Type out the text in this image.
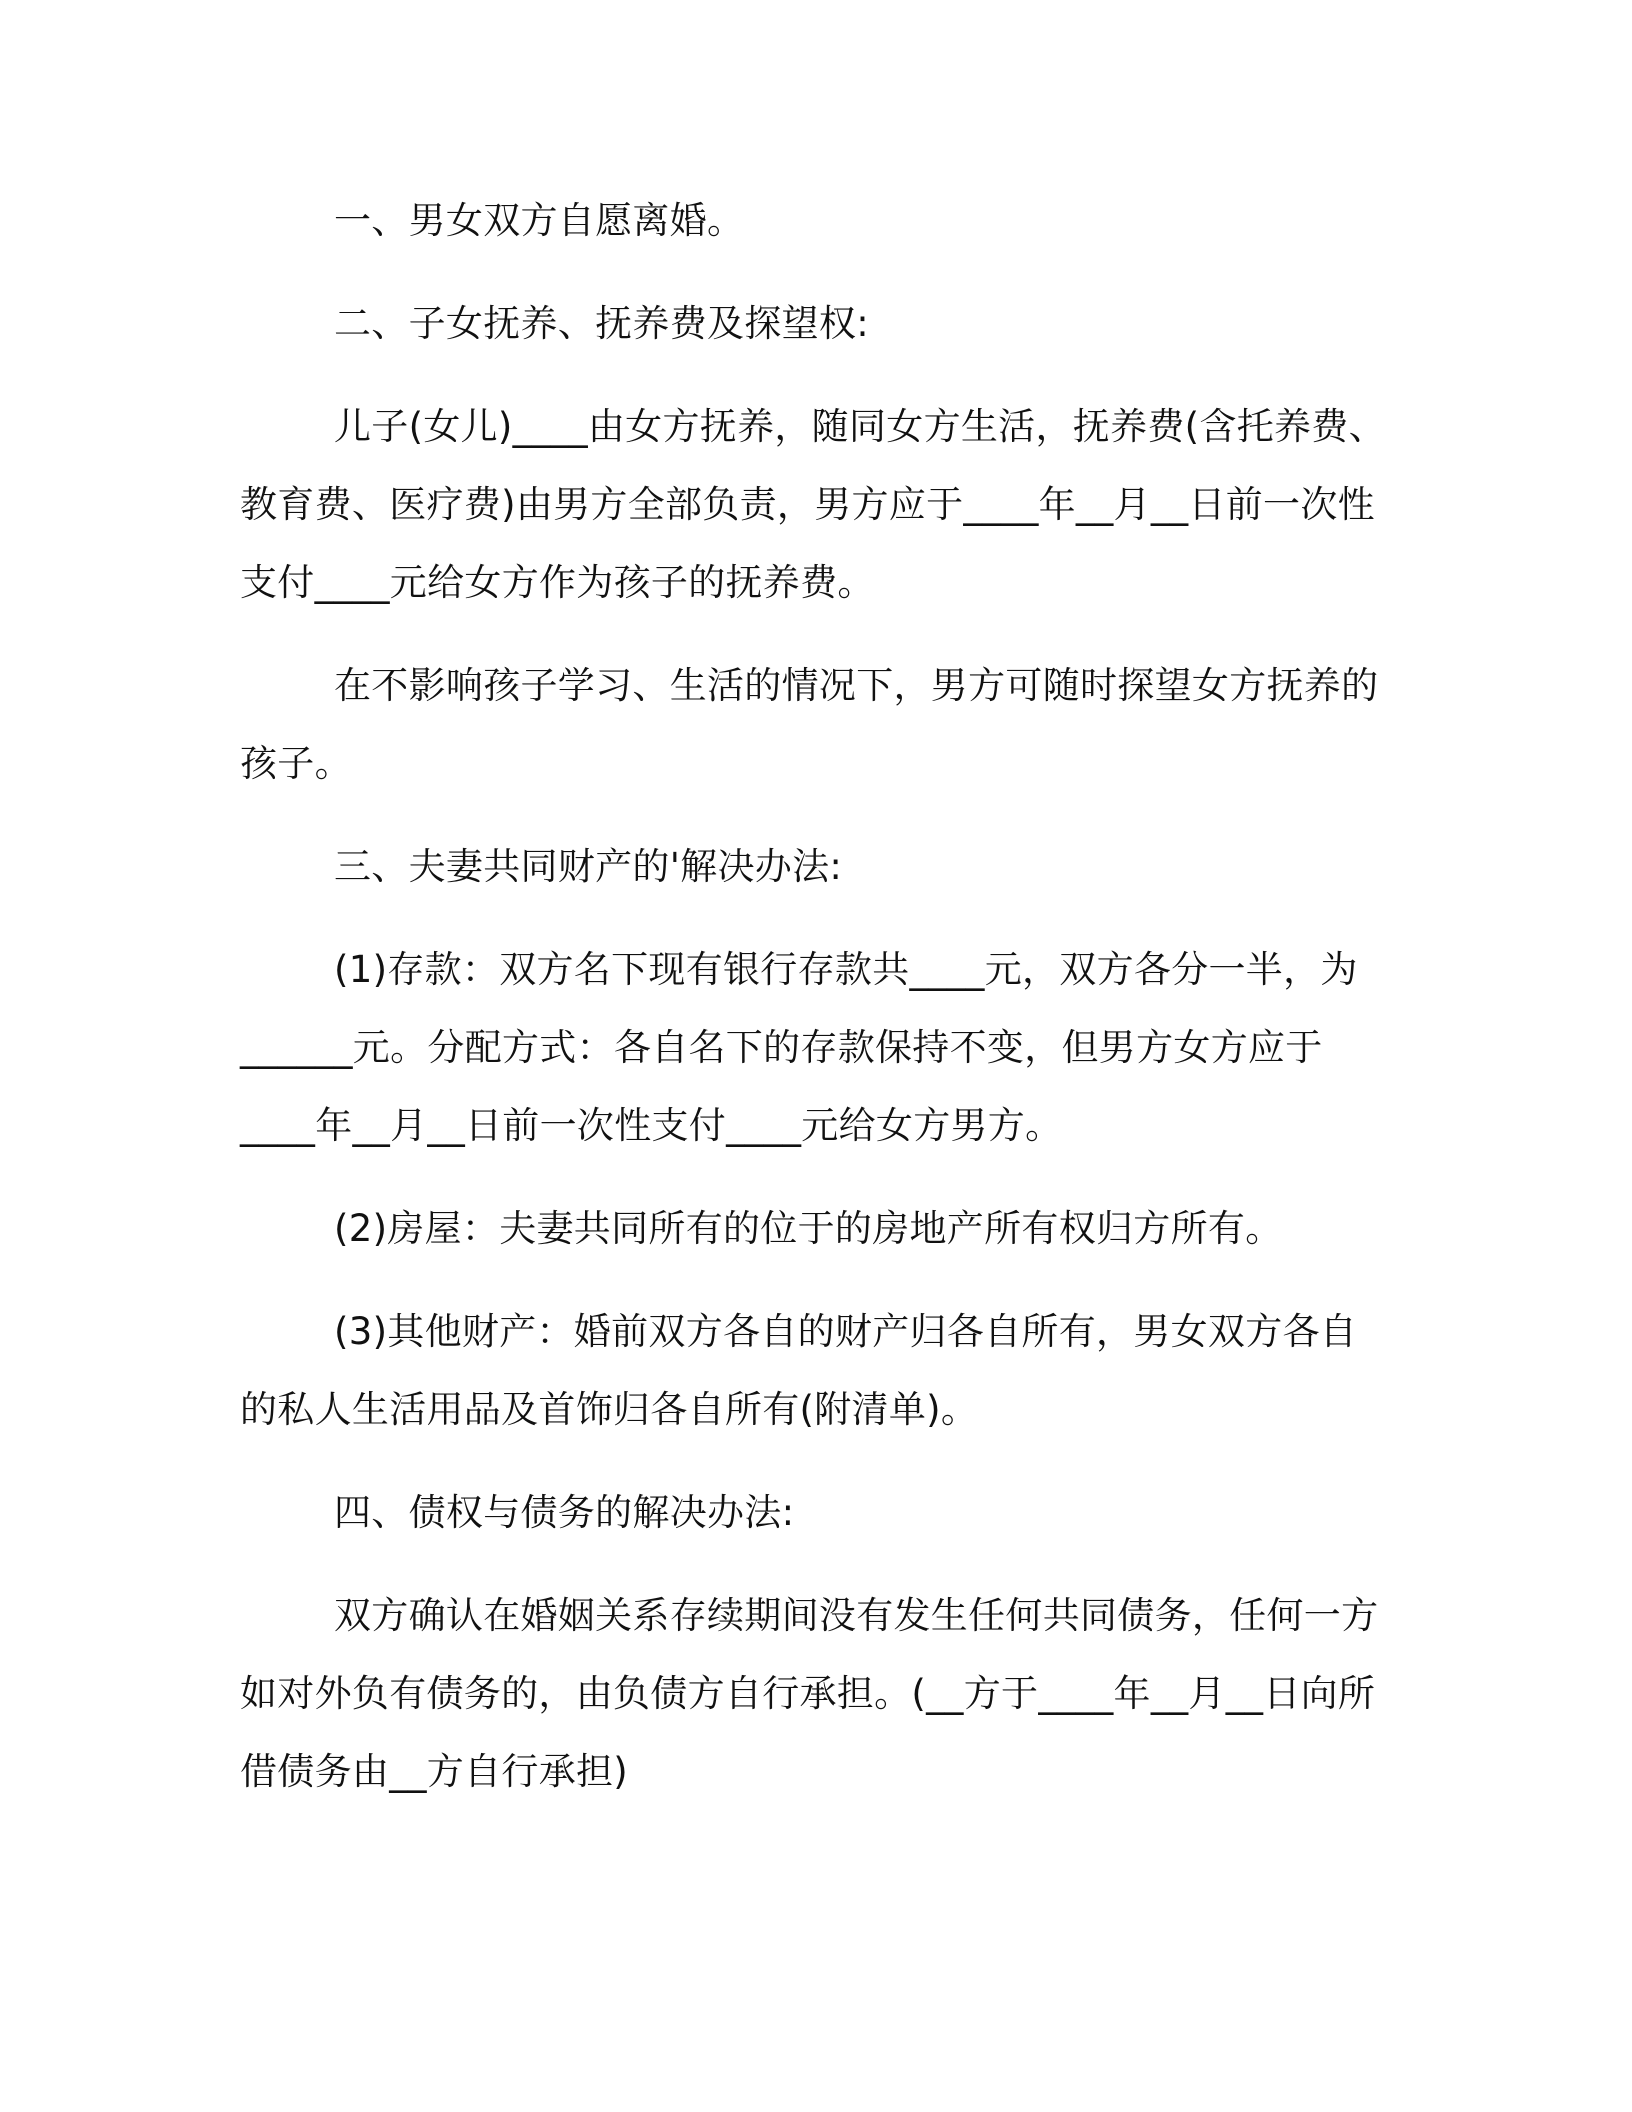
一、男女双方自愿离婚。

二、子女抚养、抚养费及探望权:

儿子(女儿)____由女方抚养，随同女方生活，抚养费(含托养费、教育费、医疗费)由男方全部负责，男方应于____年__月__日前一次性支付____元给女方作为孩子的抚养费。

在不影响孩子学习、生活的情况下，男方可随时探望女方抚养的孩子。

三、夫妻共同财产的'解决办法:

(1)存款：双方名下现有银行存款共____元，双方各分一半，为______元。分配方式：各自名下的存款保持不变，但男方女方应于____年__月__日前一次性支付____元给女方男方。

(2)房屋：夫妻共同所有的位于的房地产所有权归方所有。

(3)其他财产：婚前双方各自的财产归各自所有，男女双方各自的私人生活用品及首饰归各自所有(附清单)。

四、债权与债务的解决办法:

双方确认在婚姻关系存续期间没有发生任何共同债务，任何一方如对外负有债务的，由负债方自行承担。(__方于____年__月__日向所借债务由__方自行承担)
